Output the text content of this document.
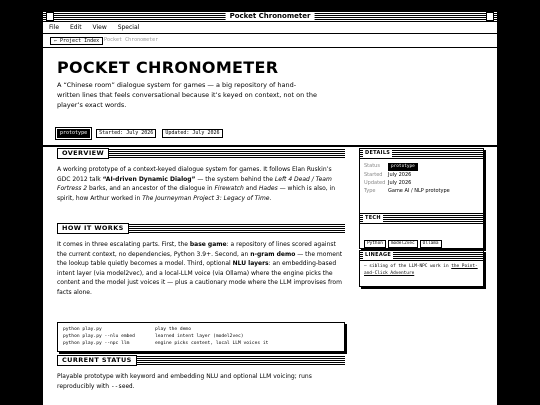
Pocket Chronometer
File Edit View Special
← Project Index Pocket Chronometer
POCKET CHRONOMETER
A “Chinese room” dialogue system for games — a big repository of hand-written lines that feels conversational because it’s keyed on context, not on the player’s exact words.
prototype Started: July 2026 Updated: July 2026
OVERVIEW
A working prototype of a context-keyed dialogue system for games. It follows Elan Ruskin’s GDC 2012 talk “AI-driven Dynamic Dialog” — the system behind the Left 4 Dead / Team Fortress 2 barks, and an ancestor of the dialogue in Firewatch and Hades — which is also, in spirit, how Arthur worked in The Journeyman Project 3: Legacy of Time.
HOW IT WORKS
It comes in three escalating parts. First, the base game: a repository of lines scored against the current context, no dependencies, Python 3.9+. Second, an n-gram demo — the moment the lookup table quietly becomes a model. Third, optional NLU layers: an embedding-based intent layer (via model2vec), and a local-LLM voice (via Ollama) where the engine picks the content and the model just voices it — plus a cautionary mode where the LLM improvises from facts alone.
python play.py	play the demo
python play.py --nlu embed	learned intent layer (model2vec)
python play.py --npc llm	engine picks content, local LLM voices it
CURRENT STATUS
Playable prototype with keyword and embedding NLU and optional LLM voicing; runs reproducibly with --seed.
DETAILS
Status	prototype
Started	July 2026
Updated July 2026
Type	Game AI / NLP prototype
TECH
Python model2vec Ollama
LINEAGE
— sibling of the LLM-NPC work in the Point-and-Click Adventure
